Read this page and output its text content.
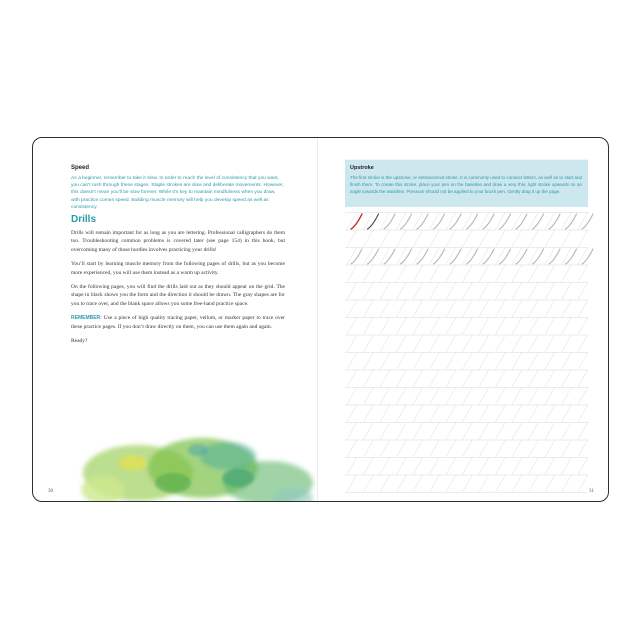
Speed

As a beginner, remember to take it slow. In order to reach the level of consistency that you want, you can’t rush through these stages. Staple strokes are slow and deliberate movements. However, this doesn’t mean you’ll be slow forever. While it’s key to maintain mindfulness when you draw, with practice comes speed. Building muscle memory will help you develop speed as well as consistency.

Drills

Drills will remain important for as long as you are lettering. Professional calligraphers do them too. Troubleshooting common problems is covered later (see page 154) in this book, but overcoming many of those hurdles involves practicing your drills!

You’ll start by learning muscle memory from the following pages of drills, but as you become more experienced, you will use them instead as a warm up activity.

On the following pages, you will find the drills laid out as they should appear on the grid. The shape in black shows you the form and the direction it should be drawn. The gray shapes are for you to trace over, and the blank space allows you some free-hand practice space.

REMEMBER: Use a piece of high quality tracing paper, vellum, or marker paper to trace over these practice pages. If you don’t draw directly on them, you can use them again and again.

Ready?

30
Upstroke

The first stroke is the upstroke, or entrance/exit stroke. It is commonly used to connect letters, as well as to start and finish them. To create this stroke, place your pen on the baseline and draw a very thin, light stroke upwards on an angle towards the waistline. Pressure should not be applied to your brush pen. Gently drag it up the page.

31
